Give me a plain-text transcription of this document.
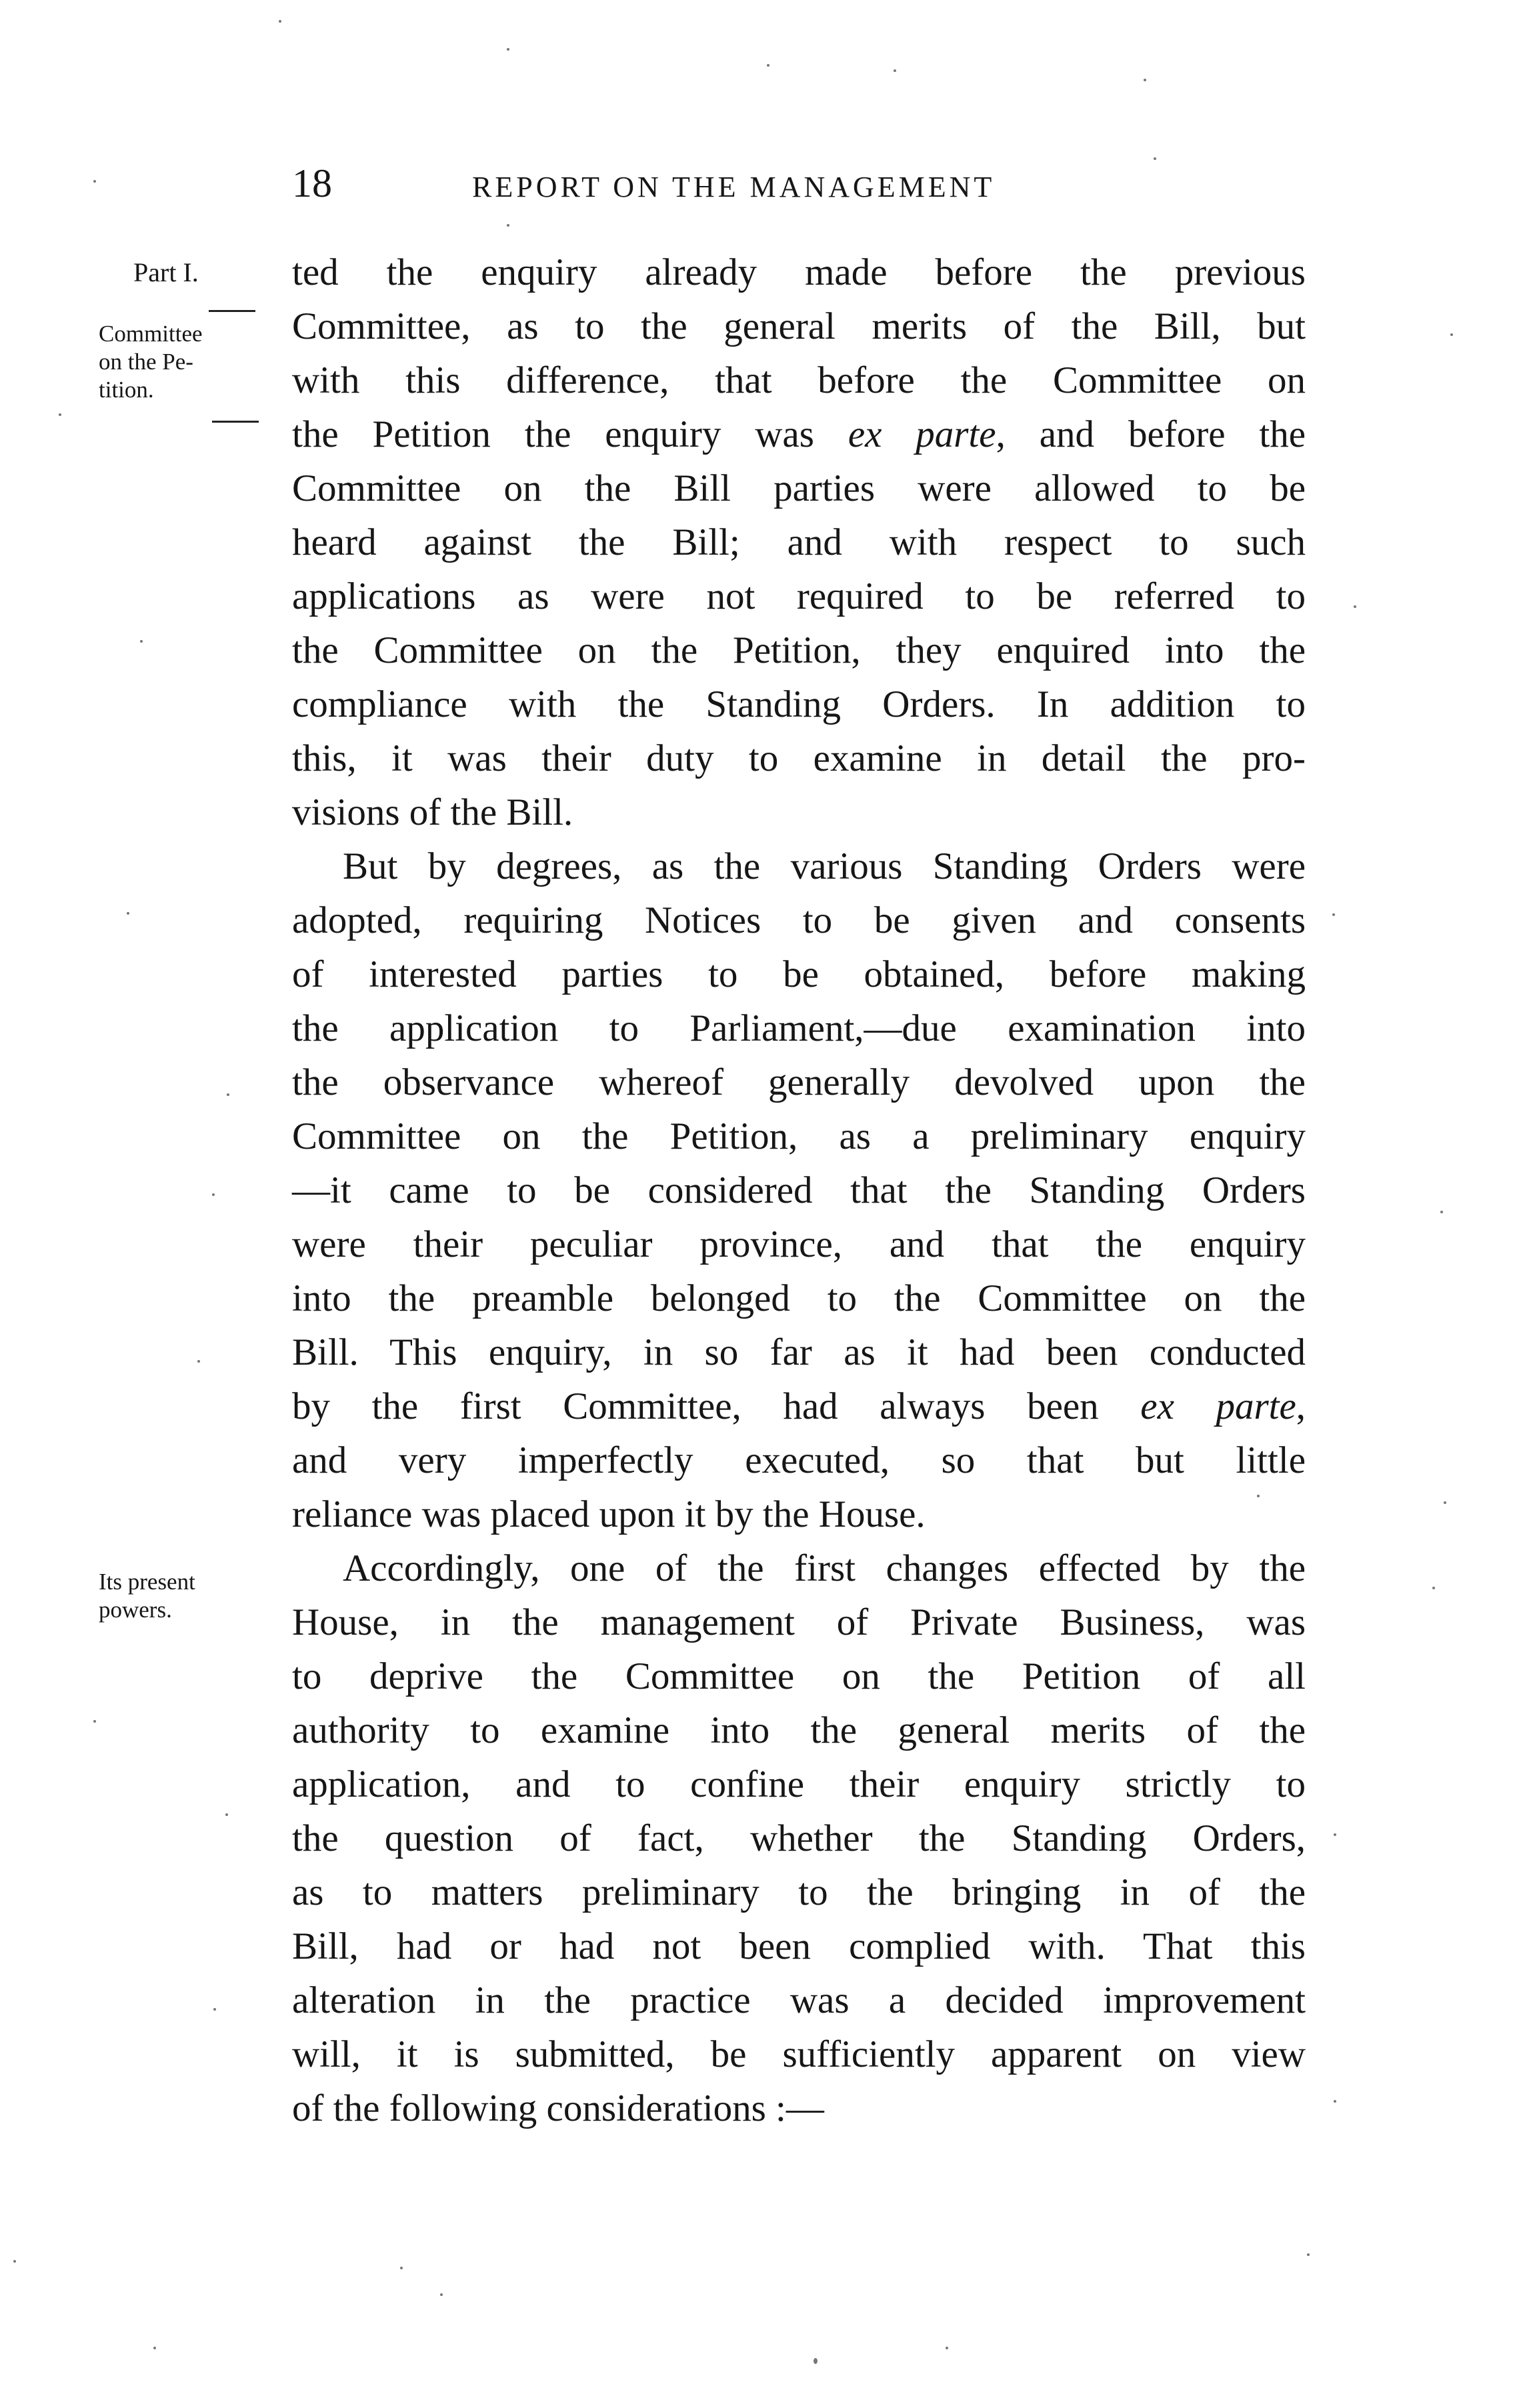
18	REPORT ON THE MANAGEMENT
Part I.
Committee
on the Pe-
tition.
Its present
powers.
ted the enquiry already made before the previous
Committee, as to the general merits of the Bill, but
with this difference, that before the Committee on
the Petition the enquiry was ex parte, and before the
Committee on the Bill parties were allowed to be
heard against the Bill; and with respect to such
applications as were not required to be referred to
the Committee on the Petition, they enquired into the
compliance with the Standing Orders. In addition to
this, it was their duty to examine in detail the pro-
visions of the Bill.
But by degrees, as the various Standing Orders were
adopted, requiring Notices to be given and consents
of interested parties to be obtained, before making
the application to Parliament,—due examination into
the observance whereof generally devolved upon the
Committee on the Petition, as a preliminary enquiry
—it came to be considered that the Standing Orders
were their peculiar province, and that the enquiry
into the preamble belonged to the Committee on the
Bill. This enquiry, in so far as it had been conducted
by the first Committee, had always been ex parte,
and very imperfectly executed, so that but little
reliance was placed upon it by the House.
Accordingly, one of the first changes effected by the
House, in the management of Private Business, was
to deprive the Committee on the Petition of all
authority to examine into the general merits of the
application, and to confine their enquiry strictly to
the question of fact, whether the Standing Orders,
as to matters preliminary to the bringing in of the
Bill, had or had not been complied with. That this
alteration in the practice was a decided improvement
will, it is submitted, be sufficiently apparent on view
of the following considerations :—
